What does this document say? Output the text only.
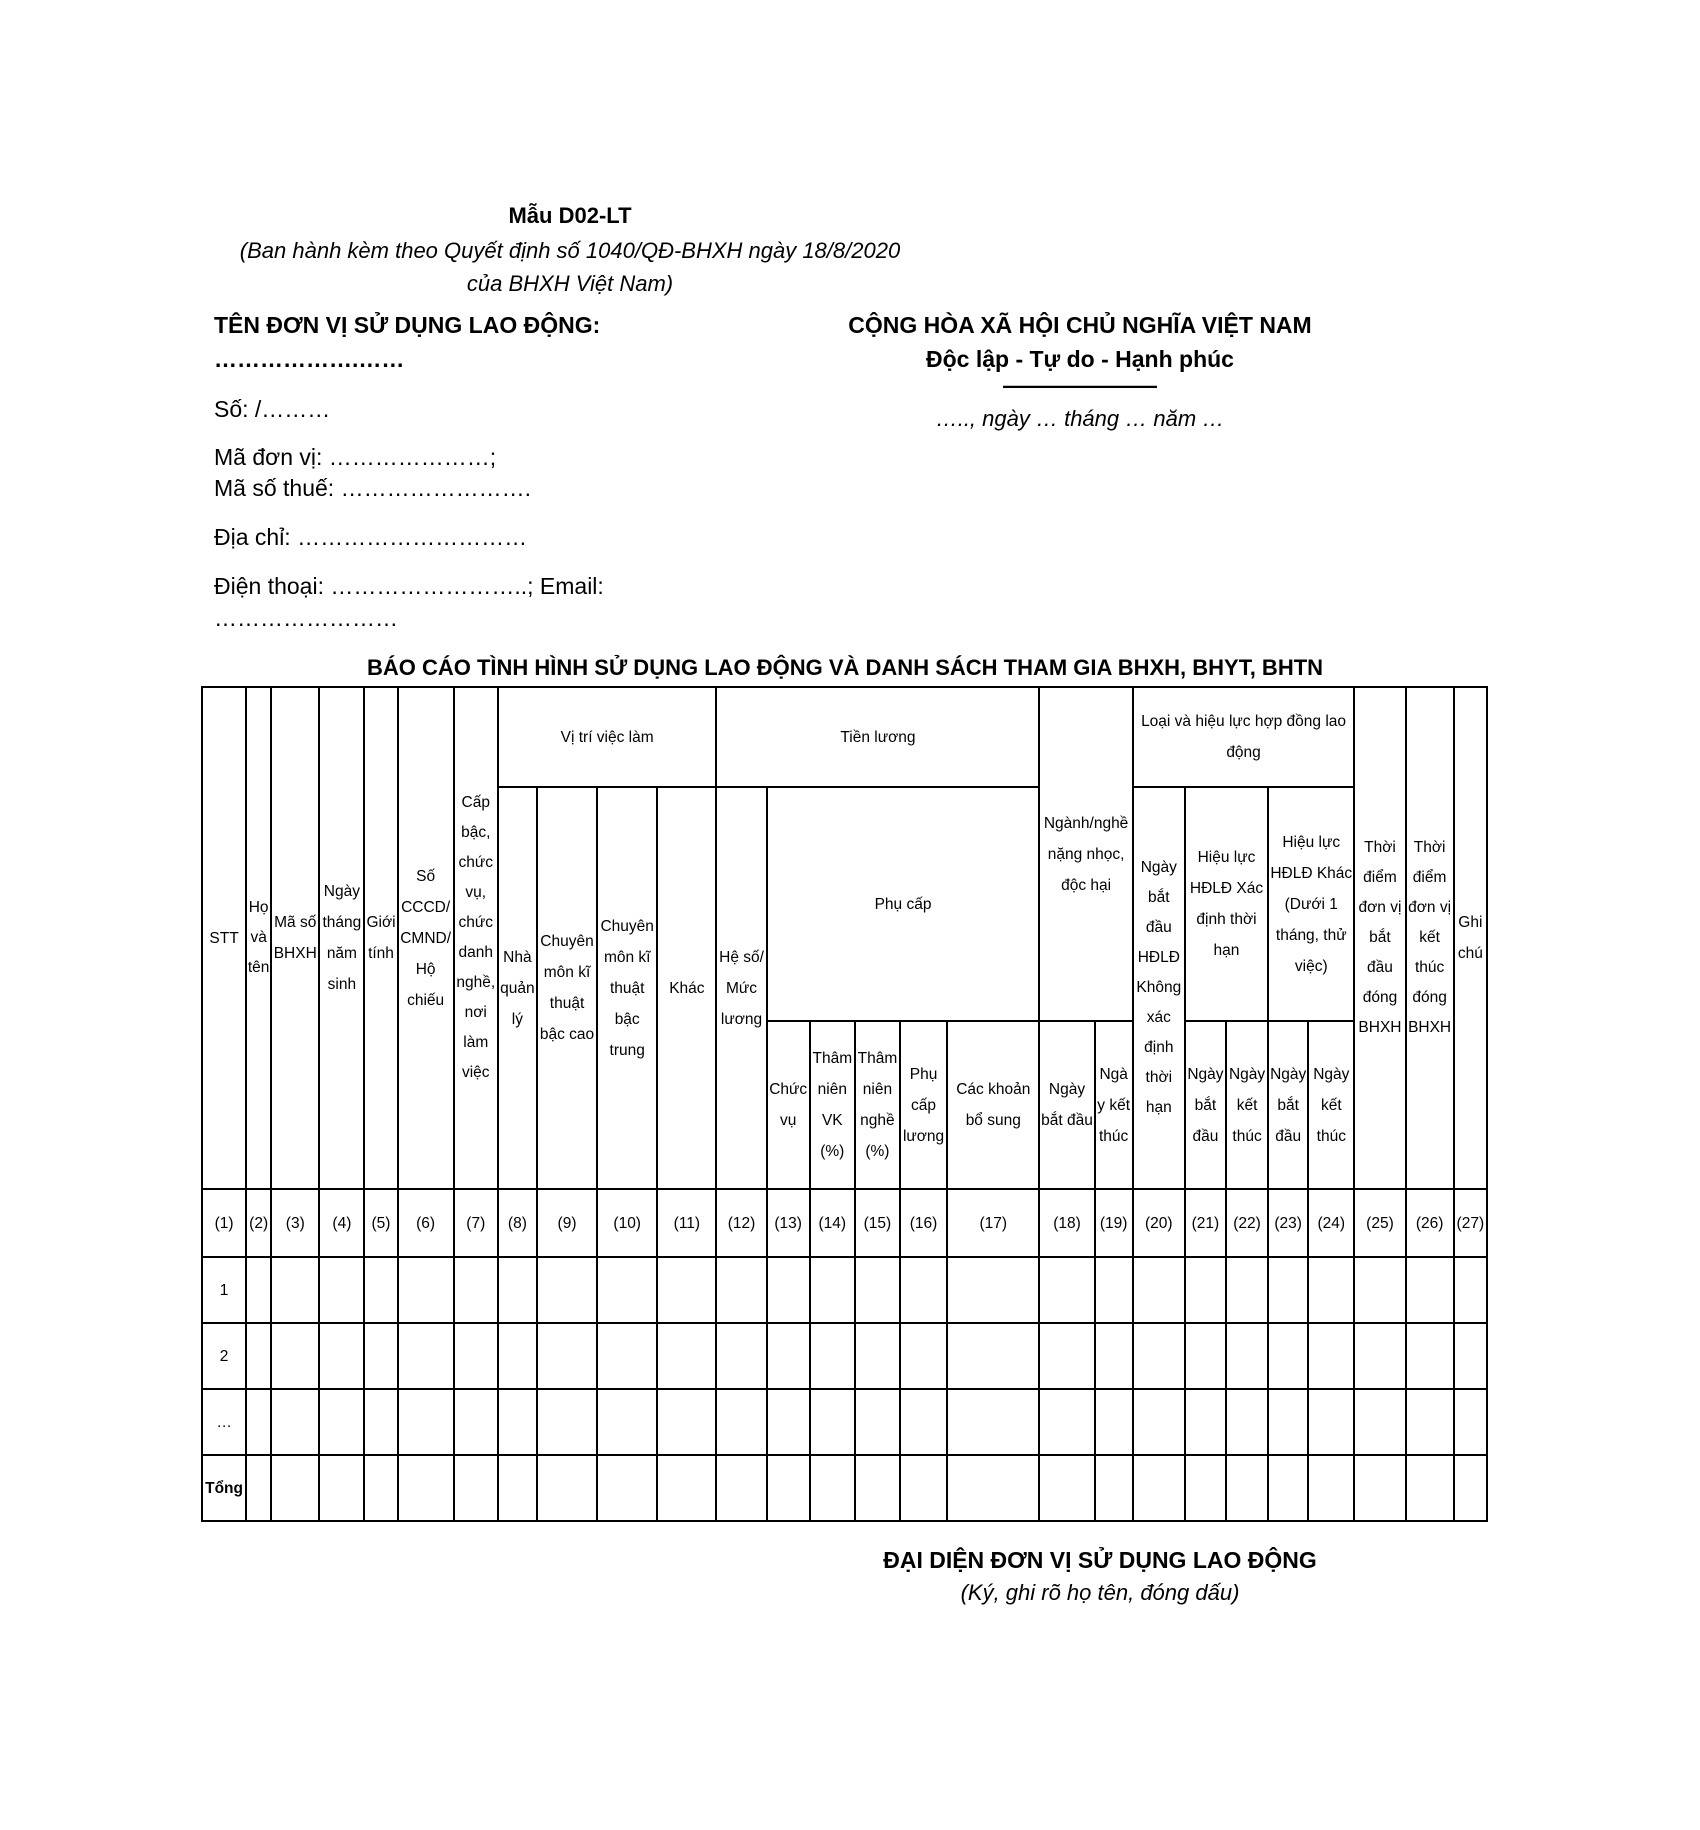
Mẫu D02-LT
(Ban hành kèm theo Quyết định số 1040/QĐ-BHXH ngày 18/8/2020 của BHXH Việt Nam)
TÊN ĐƠN VỊ SỬ DỤNG LAO ĐỘNG:
……………….……
Số: /………
Mã đơn vị: …………………;
Mã số thuế: …………………….
Địa chỉ: …………………………
Điện thoại: ……………………..; Email:
……………………
CỘNG HÒA XÃ HỘI CHỦ NGHĨA VIỆT NAM
Độc lập - Tự do - Hạnh phúc
———————
….., ngày … tháng … năm …
BÁO CÁO TÌNH HÌNH SỬ DỤNG LAO ĐỘNG VÀ DANH SÁCH THAM GIA BHXH, BHYT, BHTN
STT	Họ và tên	Mã số BHXH	Ngày tháng năm sinh	Giới tính	Số CCCD/ CMND/ Hộ chiếu	Cấp bậc, chức vụ, chức danh nghề, nơi làm việc	Vị trí việc làm				Tiền lương						Ngành/nghề nặng nhọc, độc hại		Loại và hiệu lực hợp đồng lao động					Thời điểm đơn vị bắt đầu đóng BHXH	Thời điểm đơn vị kết thúc đóng BHXH	Ghi chú
							Nhà quản lý	Chuyên môn kĩ thuật bậc cao	Chuyên môn kĩ thuật bậc trung	Khác	Hệ số/ Mức lương	Phụ cấp							Ngày bắt đầu HĐLĐ Không xác định thời hạn	Hiệu lực HĐLĐ Xác định thời hạn		Hiệu lực HĐLĐ Khác (Dưới 1 tháng, thử việc)				
												Chức vụ	Thâm niên VK (%)	Thâm niên nghề (%)	Phụ cấp lương	Các khoản bổ sung	Ngày bắt đầu	Ngày kết thúc		Ngày bắt đầu	Ngày kết thúc	Ngày bắt đầu	Ngày kết thúc			
(1)	(2)	(3)	(4)	(5)	(6)	(7)	(8)	(9)	(10)	(11)	(12)	(13)	(14)	(15)	(16)	(17)	(18)	(19)	(20)	(21)	(22)	(23)	(24)	(25)	(26)	(27)
1																										
2																										
…																										
Tổng																										
ĐẠI DIỆN ĐƠN VỊ SỬ DỤNG LAO ĐỘNG
(Ký, ghi rõ họ tên, đóng dấu)
